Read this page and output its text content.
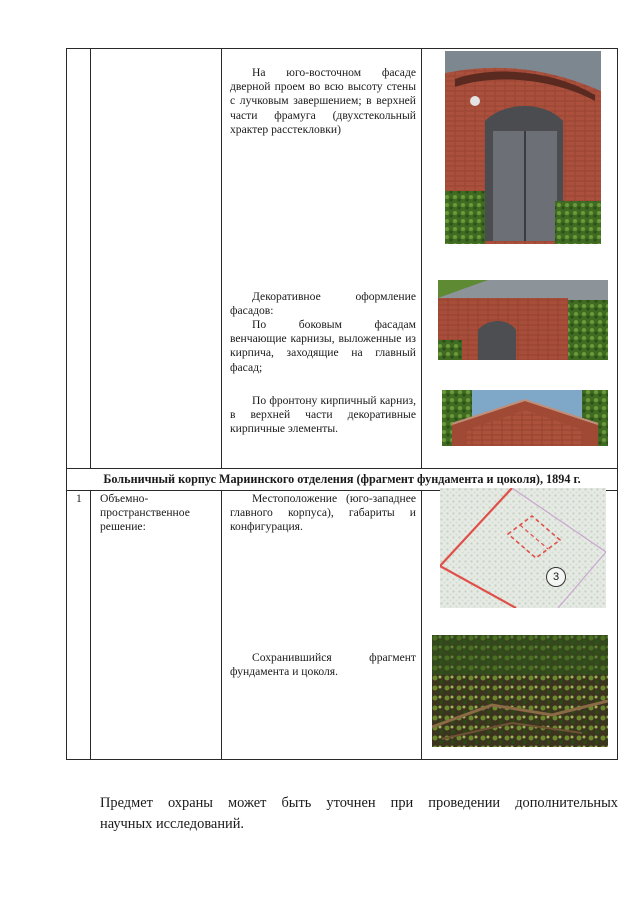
На юго-восточном фасаде дверной проем во всю высоту стены с лучковым завершением; в верхней части фрамуга (двухстекольный хрaктер расстекловки)
Декоративное оформление фасадов:
По боковым фасадам венчающие карнизы, выложенные из кирпича, заходящие на главный фасад;
По фронтону кирпичный карниз, в верхней части декоративные кирпичные элементы.
Больничный корпус Мариинского отделения (фрагмент фундамента и цоколя), 1894 г.
1	Объемно-пространственное решение:
Местоположение (юго-западнее главного корпуса), габариты и конфигурация.
Сохранившийся фрагмент фундамента и цоколя.
3
Предмет охраны может быть уточнен при проведении дополнительных
научных исследований.
